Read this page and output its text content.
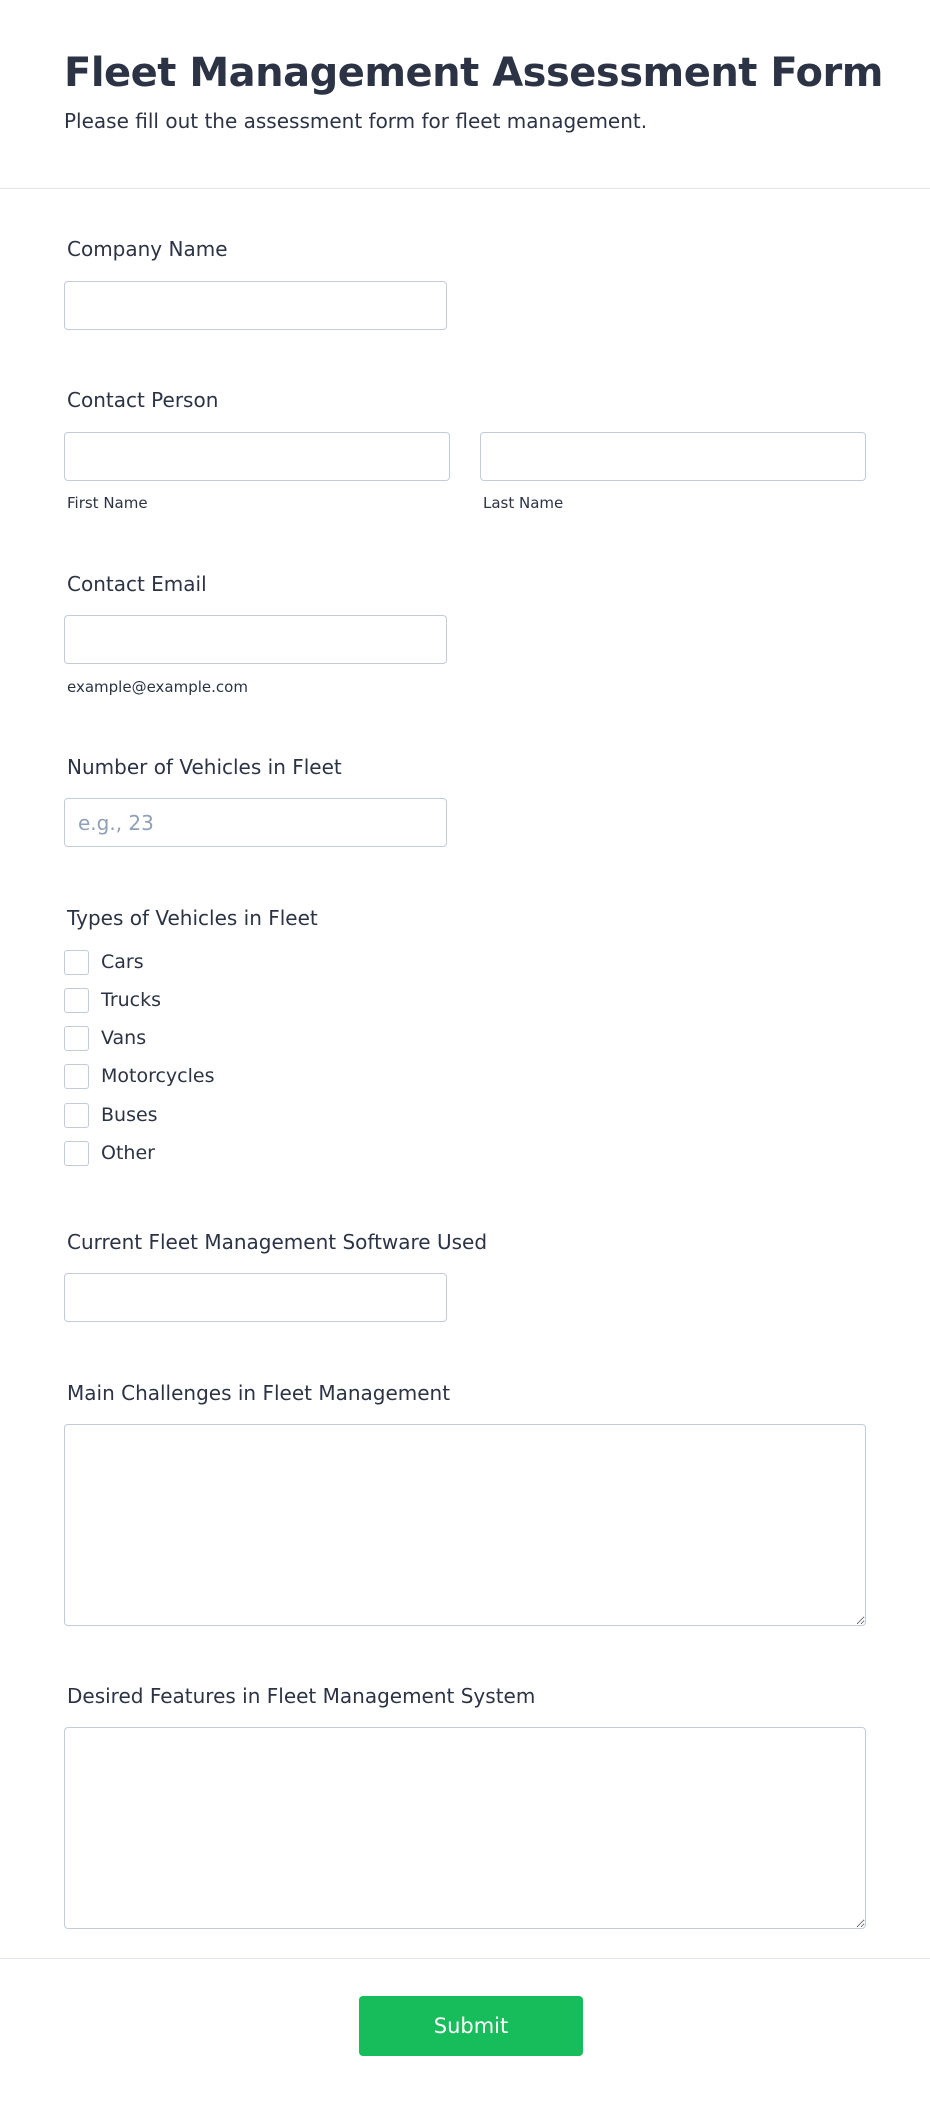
Fleet Management Assessment Form
Please fill out the assessment form for fleet management.
Company Name
Contact Person
First Name	Last Name
Contact Email
example@example.com
Number of Vehicles in Fleet
e.g., 23
Types of Vehicles in Fleet
Cars
Trucks
Vans
Motorcycles
Buses
Other
Current Fleet Management Software Used
Main Challenges in Fleet Management
Desired Features in Fleet Management System
Submit
